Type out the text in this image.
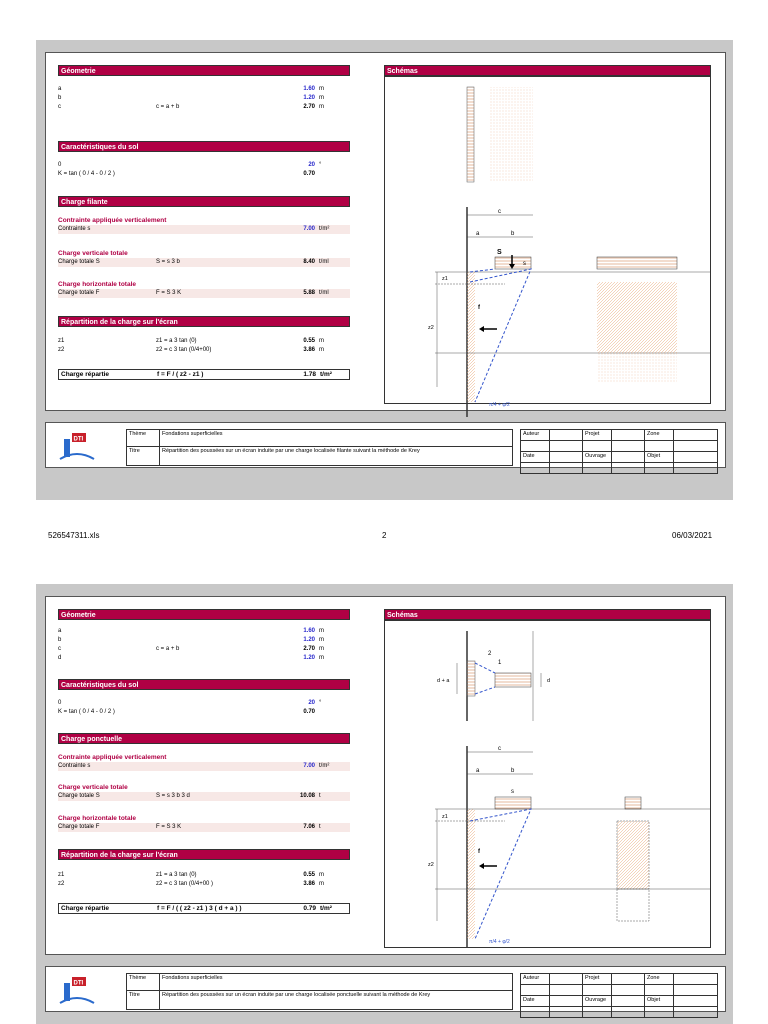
Géometrie
a	1.60 m
b	1.20 m
c	c = a + b	2.70 m
Caractéristiques du sol
0	20 °
K = tan ( 0 / 4 - 0 / 2 )	0.70
Charge filante
Contrainte appliquée verticalement
Contrainte s	7.00 t/m²
Charge verticale totale
Charge totale S	S = s 3 b	8.40 t/ml
Charge horizontale totale
Charge totale F	F = S 3 K	5.88 t/ml
Répartition de la charge sur l'écran
z1	z1 = a 3 tan (0)	0.55 m
z2	z2 = c 3 tan (0/4+00)	3.86 m
Charge répartie	f = F / ( z2 - z1 )	1.78 t/m²
Schémas
c
a	b
S
s
z1
z2
f
π/4 + φ/2
DTI
Thème	Fondations superficielles
Titre	Répartition des poussées sur un écran induite par une charge localisée filante suivant la méthode de Krey
Auteur		Projet		Zone	

Date		Ouvrage		Objet	

526547311.xls	2	06/03/2021
Géometrie
a	1.60 m
b	1.20 m
c	c = a + b	2.70 m
d	1.20 m
Caractéristiques du sol
0	20 °
K = tan ( 0 / 4 - 0 / 2 )	0.70
Charge ponctuelle
Contrainte appliquée verticalement
Contrainte s	7.00 t/m²
Charge verticale totale
Charge totale S	S = s 3 b 3 d	10.08 t
Charge horizontale totale
Charge totale F	F = S 3 K	7.06 t
Répartition de la charge sur l'écran
z1	z1 = a 3 tan (0)	0.55 m
z2	z2 = c 3 tan (0/4+00 )	3.86 m
Charge répartie	f = F / ( ( z2 - z1 ) 3 ( d + a ) )	0.79 t/m²
Schémas
2
1
d + a	d
c
a	b
s
z1
z2
f
π/4 + φ/2
DTI
Thème	Fondations superficielles
Titre	Répartition des poussées sur un écran induite par une charge localisée ponctuelle suivant la méthode de Krey
Auteur		Projet		Zone	

Date		Ouvrage		Objet	
